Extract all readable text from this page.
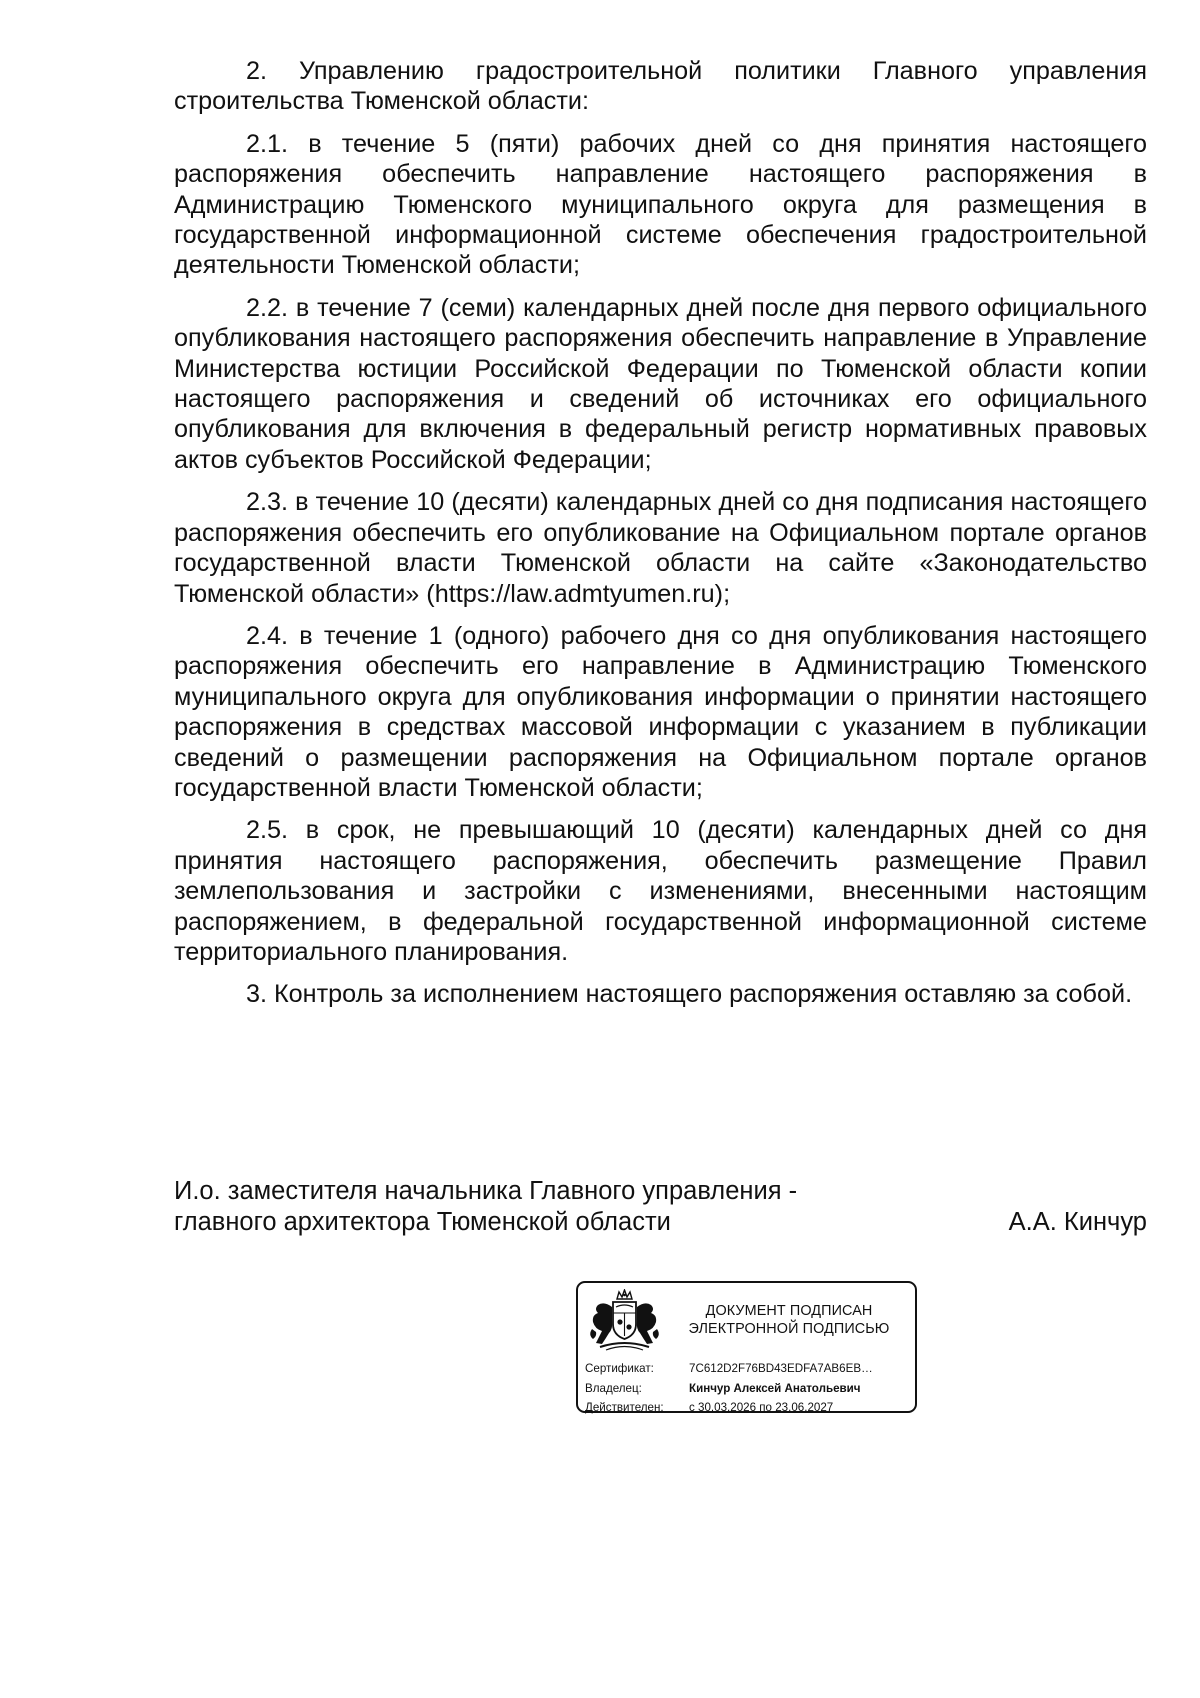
2. Управлению градостроительной политики Главного управления строительства Тюменской области:

2.1. в течение 5 (пяти) рабочих дней со дня принятия настоящего распоряжения обеспечить направление настоящего распоряжения в Администрацию Тюменского муниципального округа для размещения в государственной информационной системе обеспечения градостроительной деятельности Тюменской области;

2.2. в течение 7 (семи) календарных дней после дня первого официального опубликования настоящего распоряжения обеспечить направление в Управление Министерства юстиции Российской Федерации по Тюменской области копии настоящего распоряжения и сведений об источниках его официального опубликования для включения в федеральный регистр нормативных правовых актов субъектов Российской Федерации;

2.3. в течение 10 (десяти) календарных дней со дня подписания настоящего распоряжения обеспечить его опубликование на Официальном портале органов государственной власти Тюменской области на сайте «Законодательство Тюменской области» (https://law.admtyumen.ru);

2.4. в течение 1 (одного) рабочего дня со дня опубликования настоящего распоряжения обеспечить его направление в Администрацию Тюменского муниципального округа для опубликования информации о принятии настоящего распоряжения в средствах массовой информации с указанием в публикации сведений о размещении распоряжения на Официальном портале органов государственной власти Тюменской области;

2.5. в срок, не превышающий 10 (десяти) календарных дней со дня принятия настоящего распоряжения, обеспечить размещение Правил землепользования и застройки с изменениями, внесенными настоящим распоряжением, в федеральной государственной информационной системе территориального планирования.

3. Контроль за исполнением настоящего распоряжения оставляю за собой.

И.о. заместителя начальника Главного управления -
главного архитектора Тюменской области	А.А. Кинчур
ДОКУМЕНТ ПОДПИСАН
ЭЛЕКТРОННОЙ ПОДПИСЬЮ
Сертификат:	7C612D2F76BD43EDFA7AB6EB…
Владелец:	Кинчур Алексей Анатольевич
Действителен:	с 30.03.2026 по 23.06.2027
